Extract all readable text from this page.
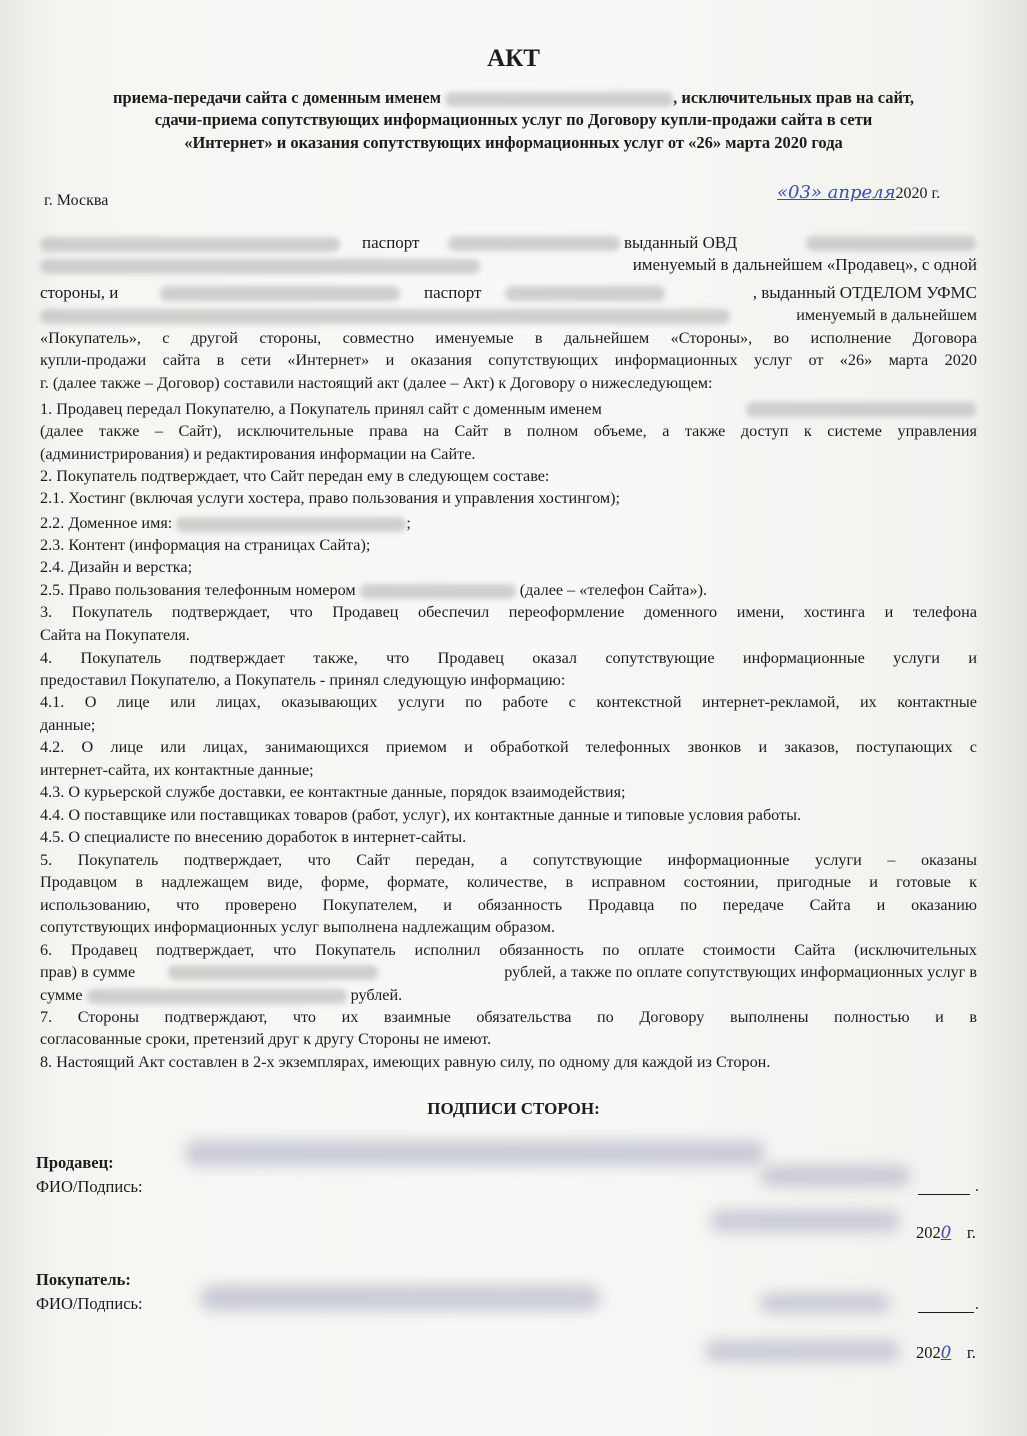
АКТ
приема-передачи сайта с доменным именем	, исключительных прав на сайт,
сдачи-приема сопутствующих информационных услуг по Договору купли-продажи сайта в сети
«Интернет» и оказания сопутствующих информационных услуг от «26» марта 2020 года
г. Москва	«03» апреля2020 г.
паспорт	выданный ОВД
именуемый в дальнейшем «Продавец», с одной
стороны, и	паспорт	, выданный ОТДЕЛОМ УФМС
именуемый в дальнейшем
«Покупатель», с другой стороны, совместно именуемые в дальнейшем «Стороны», во исполнение Договора
купли-продажи сайта в сети «Интернет» и оказания сопутствующих информационных услуг от «26» марта 2020
г. (далее также – Договор) составили настоящий акт (далее – Акт) к Договору о нижеследующем:
1. Продавец передал Покупателю, а Покупатель принял сайт с доменным именем
(далее также – Сайт), исключительные права на Сайт в полном объеме, а также доступ к системе управления
(администрирования) и редактирования информации на Сайте.
2. Покупатель подтверждает, что Сайт передан ему в следующем составе:
2.1. Хостинг (включая услуги хостера, право пользования и управления хостингом);
2.2. Доменное имя:	;
2.3. Контент (информация на страницах Сайта);
2.4. Дизайн и верстка;
2.5. Право пользования телефонным номером	(далее – «телефон Сайта»).
3. Покупатель подтверждает, что Продавец обеспечил переоформление доменного имени, хостинга и телефона
Сайта на Покупателя.
4. Покупатель подтверждает также, что Продавец оказал сопутствующие информационные услуги и
предоставил Покупателю, а Покупатель - принял следующую информацию:
4.1. О лице или лицах, оказывающих услуги по работе с контекстной интернет-рекламой, их контактные
данные;
4.2. О лице или лицах, занимающихся приемом и обработкой телефонных звонков и заказов, поступающих с
интернет-сайта, их контактные данные;
4.3. О курьерской службе доставки, ее контактные данные, порядок взаимодействия;
4.4. О поставщике или поставщиках товаров (работ, услуг), их контактные данные и типовые условия работы.
4.5. О специалисте по внесению доработок в интернет-сайты.
5. Покупатель подтверждает, что Сайт передан, а сопутствующие информационные услуги – оказаны
Продавцом в надлежащем виде, форме, формате, количестве, в исправном состоянии, пригодные и готовые к
использованию, что проверено Покупателем, и обязанность Продавца по передаче Сайта и оказанию
сопутствующих информационных услуг выполнена надлежащим образом.
6. Продавец подтверждает, что Покупатель исполнил обязанность по оплате стоимости Сайта (исключительных
прав) в сумме	рублей, а также по оплате сопутствующих информационных услуг в
сумме	рублей.
7. Стороны подтверждают, что их взаимные обязательства по Договору выполнены полностью и в
согласованные сроки, претензий друг к другу Стороны не имеют.
8. Настоящий Акт составлен в 2-х экземплярах, имеющих равную силу, по одному для каждой из Сторон.
ПОДПИСИ СТОРОН:
Продавец:
ФИО/Подпись:	.
2020 г.
Покупатель:
ФИО/Подпись:	.
2020 г.
